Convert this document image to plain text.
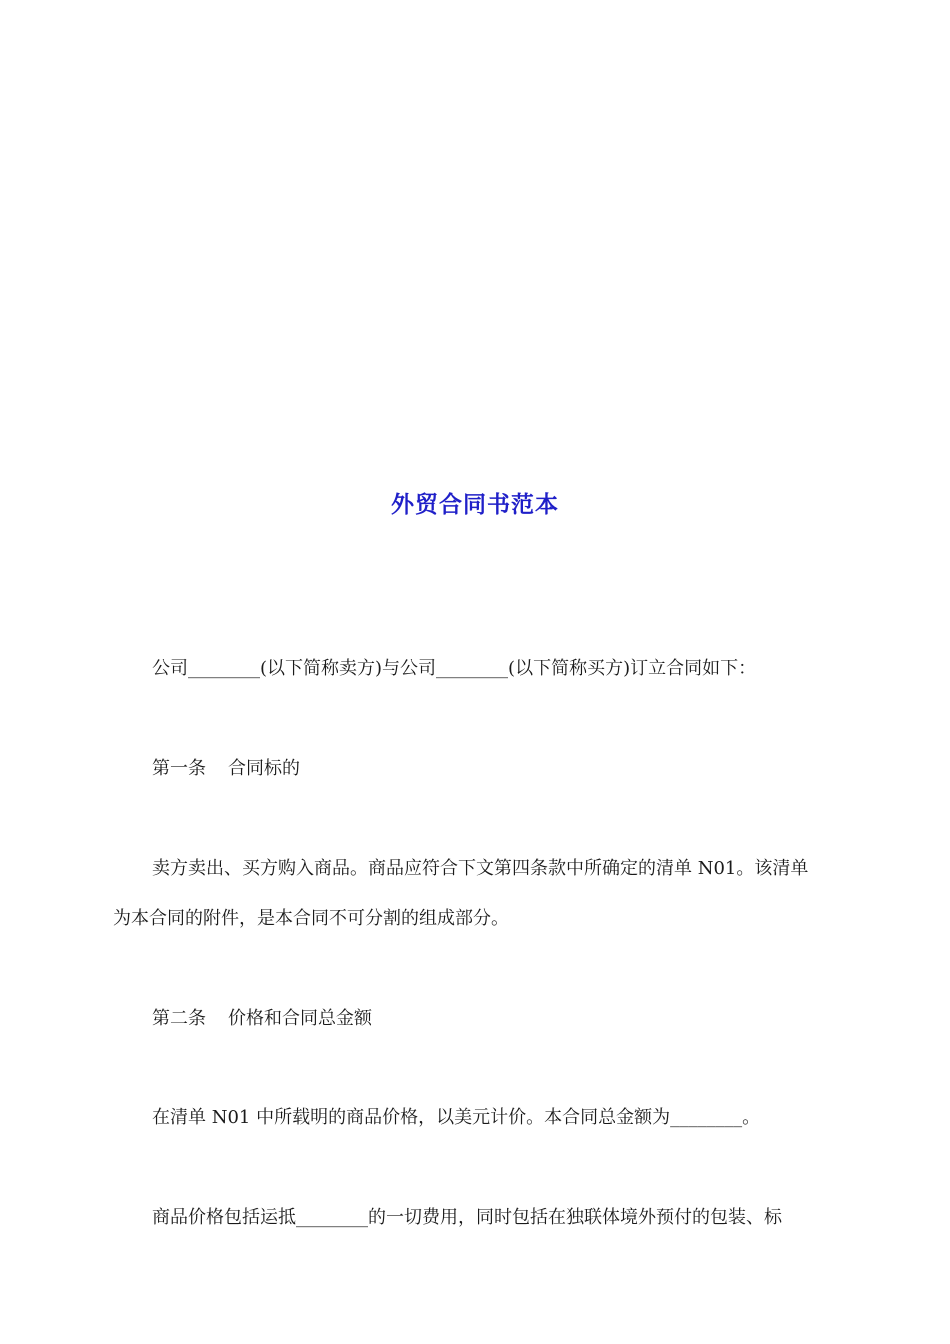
外贸合同书范本
公司________(以下简称卖方)与公司________(以下简称买方)订立合同如下：
第一条 合同标的
卖方卖出、买方购入商品。商品应符合下文第四条款中所确定的清单 N01。该清单
为本合同的附件，是本合同不可分割的组成部分。
第二条 价格和合同总金额
在清单 N01 中所载明的商品价格，以美元计价。本合同总金额为________。
商品价格包括运抵________的一切费用，同时包括在独联体境外预付的包装、标
